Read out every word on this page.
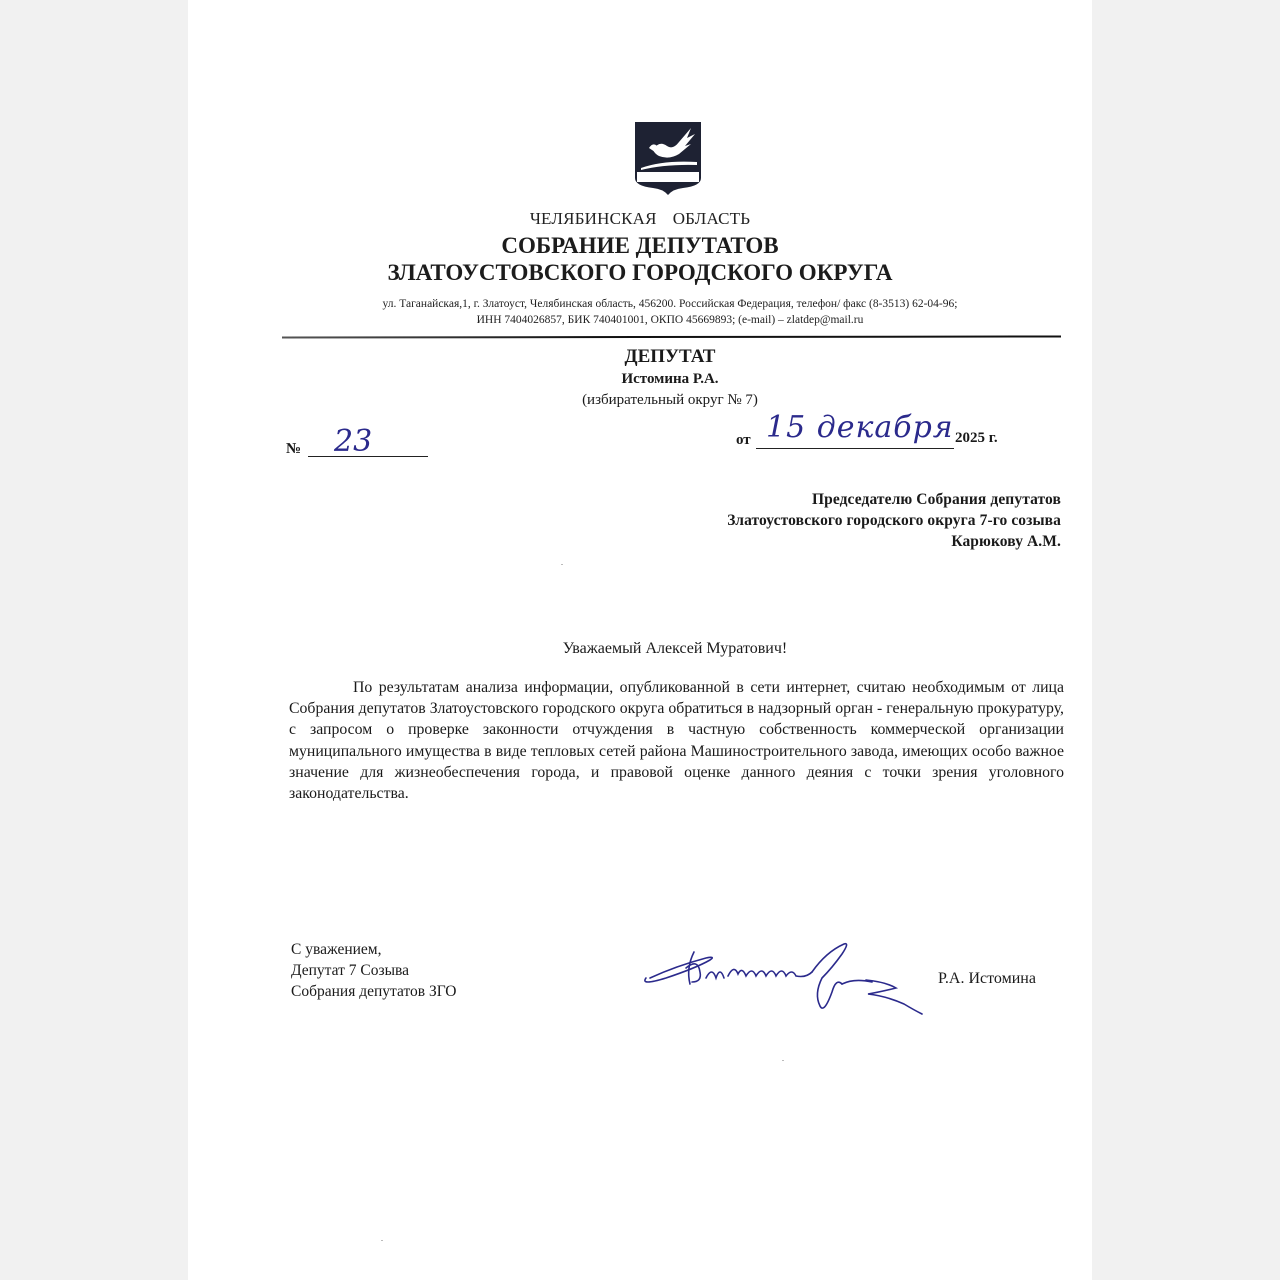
ЧЕЛЯБИНСКАЯ ОБЛАСТЬ
СОБРАНИЕ ДЕПУТАТОВ
ЗЛАТОУСТОВСКОГО ГОРОДСКОГО ОКРУГА
ул. Таганайская,1, г. Златоуст, Челябинская область, 456200. Российская Федерация, телефон/ факс (8-3513) 62-04-96;
ИНН 7404026857, БИК 740401001, ОКПО 45669893; (e-mail) – zlatdep@mail.ru
ДЕПУТАТ
Истомина Р.А.
(избирательный округ № 7)
№ 23	от 15 декабря 2025 г.
Председателю Собрания депутатов
Златоустовского городского округа 7-го созыва
Карюкову А.М.
Уважаемый Алексей Муратович!
По результатам анализа информации, опубликованной в сети интернет, считаю необходимым от лица Собрания депутатов Златоустовского городского округа обратиться в надзорный орган - генеральную прокуратуру, с запросом о проверке законности отчуждения в частную собственность коммерческой организации муниципального имущества в виде тепловых сетей района Машиностроительного завода, имеющих особо важное значение для жизнеобеспечения города, и правовой оценке данного деяния с точки зрения уголовного законодательства.
С уважением,
Депутат 7 Созыва
Собрания депутатов ЗГО
Р.А. Истомина
